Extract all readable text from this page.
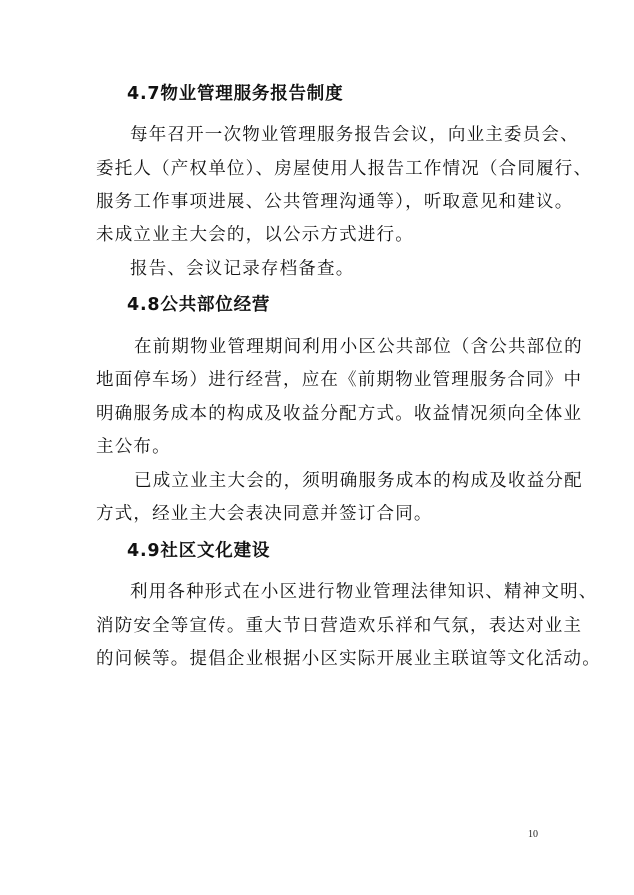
4.7物业管理服务报告制度
每年召开一次物业管理服务报告会议，向业主委员会、
委托人（产权单位）、房屋使用人报告工作情况（合同履行、
服务工作事项进展、公共管理沟通等），听取意见和建议。
未成立业主大会的，以公示方式进行。
报告、会议记录存档备查。
4.8公共部位经营
在前期物业管理期间利用小区公共部位（含公共部位的
地面停车场）进行经营，应在《前期物业管理服务合同》中
明确服务成本的构成及收益分配方式。收益情况须向全体业
主公布。
已成立业主大会的，须明确服务成本的构成及收益分配
方式，经业主大会表决同意并签订合同。
4.9社区文化建设
利用各种形式在小区进行物业管理法律知识、精神文明、
消防安全等宣传。重大节日营造欢乐祥和气氛，表达对业主
的问候等。提倡企业根据小区实际开展业主联谊等文化活动。
10
